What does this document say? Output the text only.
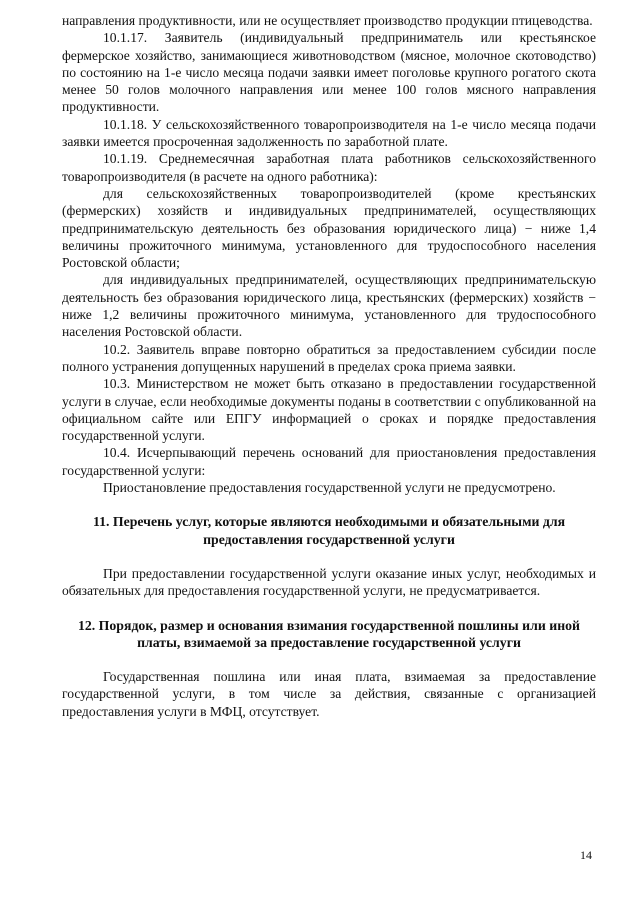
направления продуктивности, или не осуществляет производство продукции птицеводства.

10.1.17. Заявитель (индивидуальный предприниматель или крестьянское фермерское хозяйство, занимающиеся животноводством (мясное, молочное скотоводство) по состоянию на 1-е число месяца подачи заявки имеет поголовье крупного рогатого скота менее 50 голов молочного направления или менее 100 голов мясного направления продуктивности.

10.1.18. У сельскохозяйственного товаропроизводителя на 1-е число месяца подачи заявки имеется просроченная задолженность по заработной плате.

10.1.19. Среднемесячная заработная плата работников сельскохозяйственного товаропроизводителя (в расчете на одного работника):

для сельскохозяйственных товаропроизводителей (кроме крестьянских (фермерских) хозяйств и индивидуальных предпринимателей, осуществляющих предпринимательскую деятельность без образования юридического лица) − ниже 1,4 величины прожиточного минимума, установленного для трудоспособного населения Ростовской области;

для индивидуальных предпринимателей, осуществляющих предпринимательскую деятельность без образования юридического лица, крестьянских (фермерских) хозяйств − ниже 1,2 величины прожиточного минимума, установленного для трудоспособного населения Ростовской области.

10.2. Заявитель вправе повторно обратиться за предоставлением субсидии после полного устранения допущенных нарушений в пределах срока приема заявки.

10.3. Министерством не может быть отказано в предоставлении государственной услуги в случае, если необходимые документы поданы в соответствии с опубликованной на официальном сайте или ЕПГУ информацией о сроках и порядке предоставления государственной услуги.

10.4. Исчерпывающий перечень оснований для приостановления предоставления государственной услуги:

Приостановление предоставления государственной услуги не предусмотрено.

11. Перечень услуг, которые являются необходимыми и обязательными для предоставления государственной услуги

При предоставлении государственной услуги оказание иных услуг, необходимых и обязательных для предоставления государственной услуги, не предусматривается.

12. Порядок, размер и основания взимания государственной пошлины или иной платы, взимаемой за предоставление государственной услуги

Государственная пошлина или иная плата, взимаемая за предоставление государственной услуги, в том числе за действия, связанные с организацией предоставления услуги в МФЦ, отсутствует.

14
